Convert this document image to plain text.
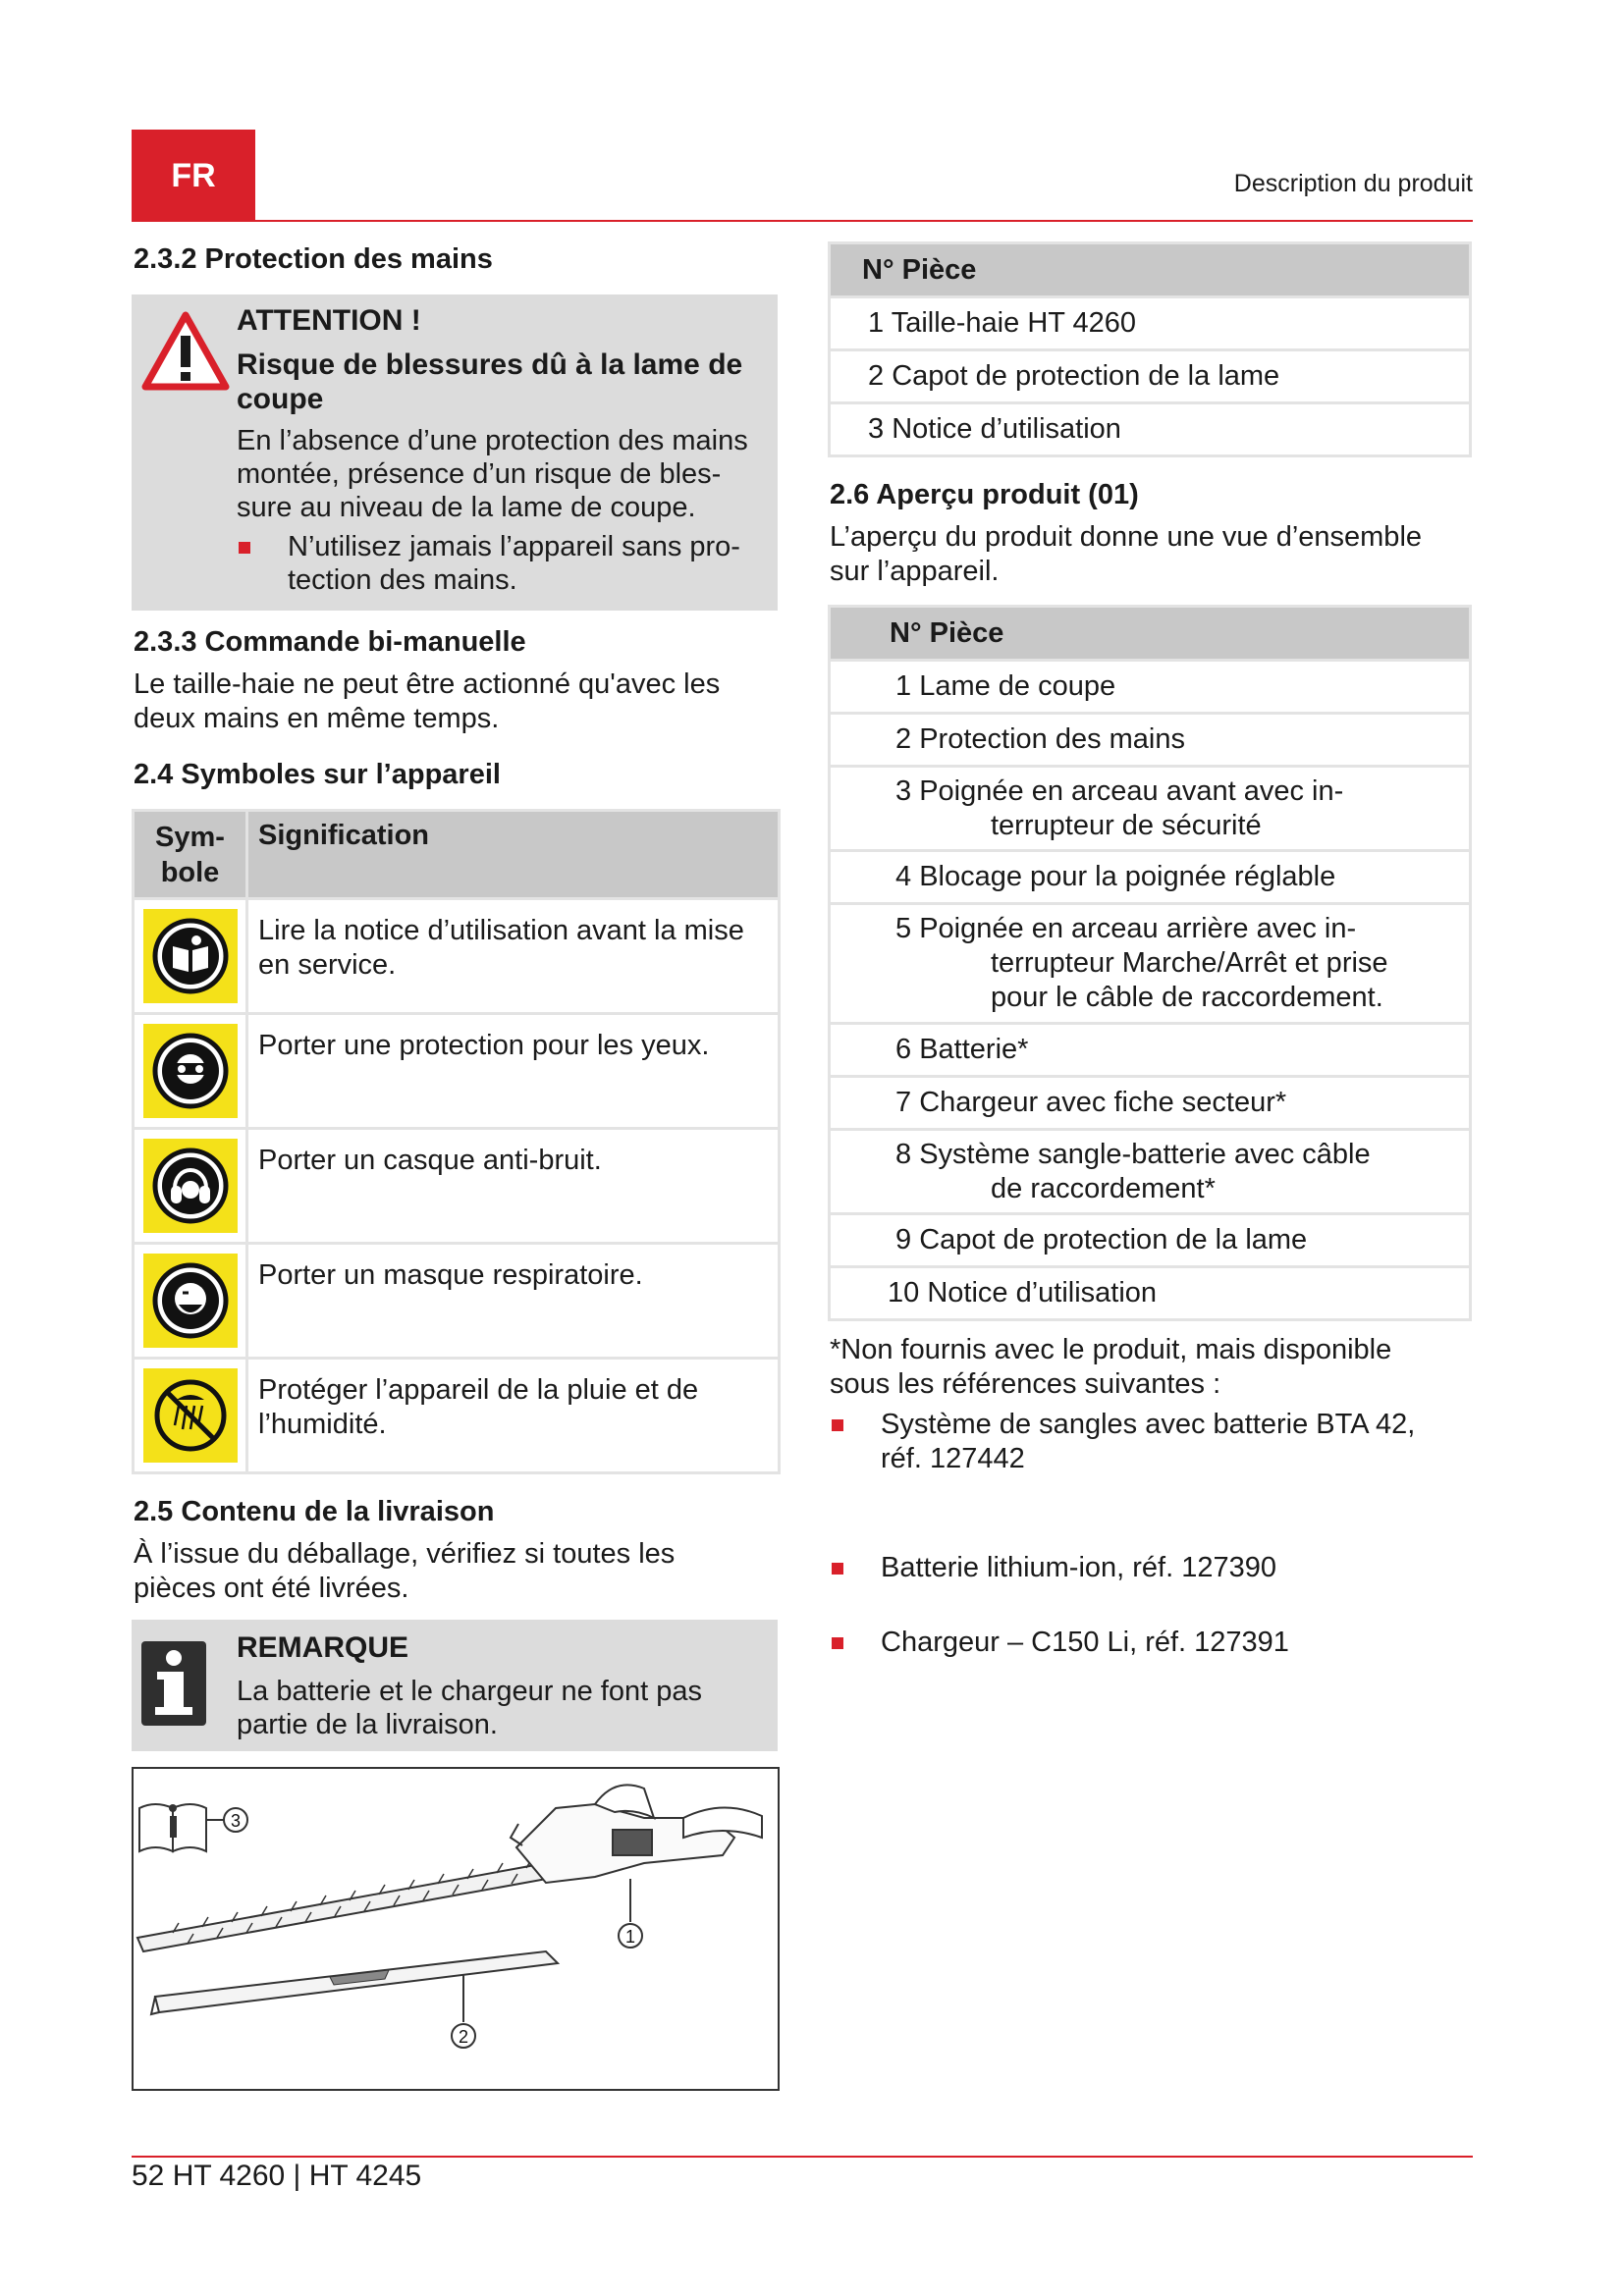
FR	Description du produit
2.3.2 Protection des mains
ATTENTION !
Risque de blessures dû à la lame de
coupe
En l’absence d’une protection des mains
montée, présence d’un risque de bles-
sure au niveau de la lame de coupe.
N’utilisez jamais l’appareil sans pro-
tection des mains.
2.3.3 Commande bi-manuelle
Le taille-haie ne peut être actionné qu'avec les
deux mains en même temps.
2.4 Symboles sur l’appareil
Sym-
bole	Signification

Lire la notice d’utilisation avant la mise
en service.

Porter une protection pour les yeux.

Porter un casque anti-bruit.

Porter un masque respiratoire.

Protéger l’appareil de la pluie et de
l’humidité.
2.5 Contenu de la livraison
À l’issue du déballage, vérifiez si toutes les
pièces ont été livrées.
REMARQUE
La batterie et le chargeur ne font pas
partie de la livraison.
3
1
2
N° Pièce
1 Taille-haie HT 4260
2 Capot de protection de la lame
3 Notice d’utilisation
2.6 Aperçu produit (01)
L’aperçu du produit donne une vue d’ensemble
sur l’appareil.
N° Pièce
1 Lame de coupe
2 Protection des mains
3 Poignée en arceau avant avec in-
terrupteur de sécurité

4 Blocage pour la poignée réglable
5 Poignée en arceau arrière avec in-
terrupteur Marche/Arrêt et prise
pour le câble de raccordement.

6 Batterie*
7 Chargeur avec fiche secteur*
8 Système sangle-batterie avec câble
de raccordement*

9 Capot de protection de la lame
10 Notice d’utilisation
*Non fournis avec le produit, mais disponible
sous les références suivantes :
Système de sangles avec batterie BTA 42,
réf. 127442
Batterie lithium-ion, réf. 127390
Chargeur – C150 Li, réf. 127391
52 HT 4260 | HT 4245
